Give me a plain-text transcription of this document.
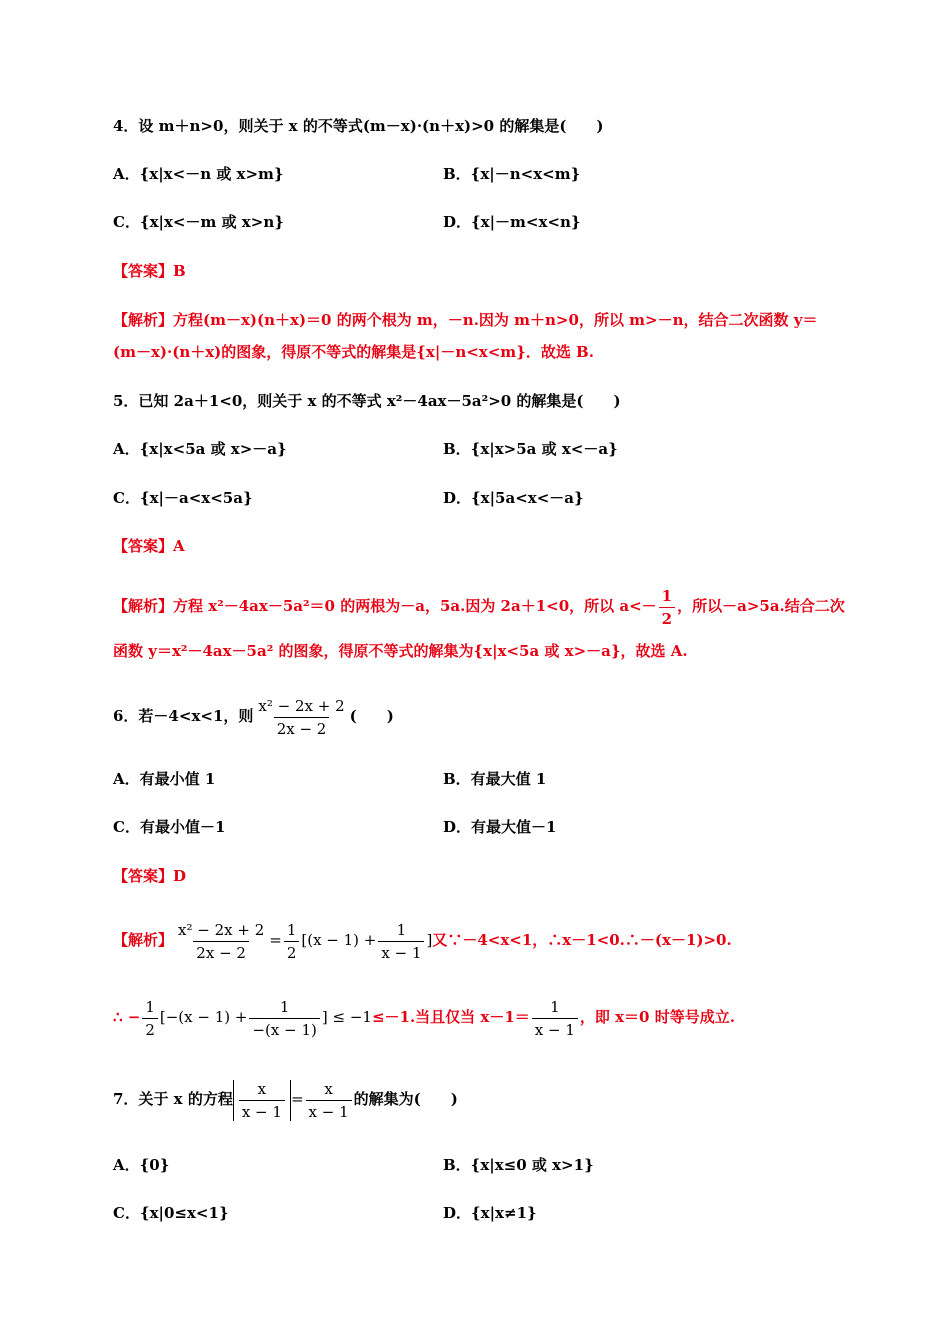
4．设 m＋n>0，则关于 x 的不等式(m－x)·(n＋x)>0 的解集是(　　)
A．{x|x<－n 或 x>m}	B．{x|－n<x<m}
C．{x|x<－m 或 x>n}	D．{x|－m<x<n}
【答案】B
【解析】方程(m－x)(n＋x)＝0 的两个根为 m，－n.因为 m＋n>0，所以 m>－n，结合二次函数 y＝
(m－x)·(n＋x)的图象，得原不等式的解集是{x|－n<x<m}．故选 B.
5．已知 2a＋1<0，则关于 x 的不等式 x²－4ax－5a²>0 的解集是(　　)
A．{x|x<5a 或 x>－a}	B．{x|x>5a 或 x<－a}
C．{x|－a<x<5a}	D．{x|5a<x<－a}
【答案】A
【解析】方程 x²－4ax－5a²＝0 的两根为－a，5a.因为 2a＋1<0，所以 $a<- \frac{1}{2}$ ，所以－a>5a.结合二次
函数 y＝x²－4ax－5a² 的图象，得原不等式的解集为{x|x<5a 或 x>－a}，故选 A.
6．若－4<x<1，则 $\frac{\text{x² − 2x + 2}}{2x - 2}$ (　　)
A．有最小值 1	B．有最大值 1
C．有最小值－1	D．有最大值－1
【答案】D
【解析】 $\frac{\text{x² − 2x + 2}}{2x - 2} = \frac{1}{2} [(x - 1) + \frac{1}{x - 1}$ ]又∵－4<x<1，∴x－1<0.∴－(x－1)>0.
∴ − $\frac{1}{2} [-(x - 1) + \frac{1}{-(x - 1)}$ ] ≤ −1≤－1.当且仅当 $x-1= \frac{1}{x - 1}$ ，即 x＝0 时等号成立.
7．关于 x 的方程 $\frac{x}{x - 1} = \frac{x}{x - 1}$ 的解集为(　　)
A．{0}	B．{x|x≤0 或 x>1}
C．{x|0≤x<1}	D．{x|x≠1}
